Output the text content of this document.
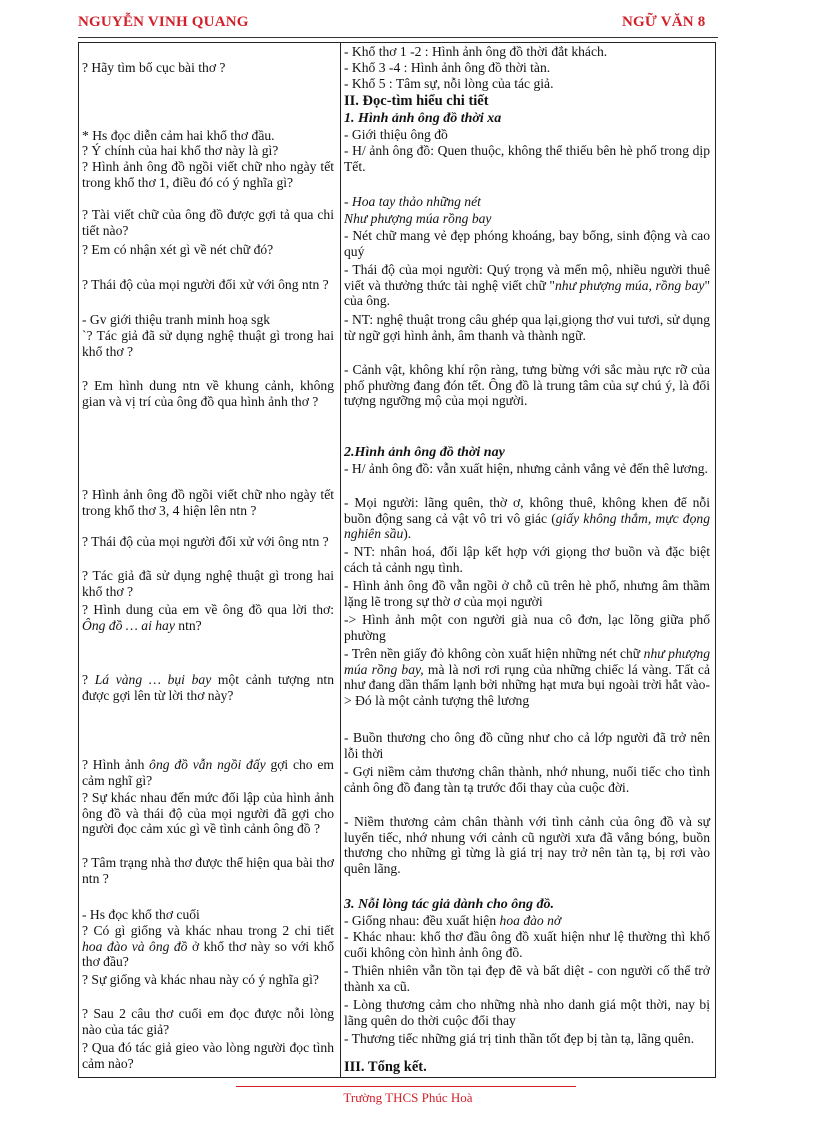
NGUYỄN VINH QUANG	NGỮ VĂN 8

? Hãy tìm bố cục bài thơ ?

* Hs đọc diễn cảm hai khổ thơ đầu.

? Ý chính của hai khổ thơ này là gì?

? Hình ảnh ông đồ ngồi viết chữ nho ngày tết trong khổ thơ 1, điều đó có ý nghĩa gì?

? Tài viết chữ của ông đồ được gợi tả qua chi tiết nào?

? Em có nhận xét gì về nét chữ đó?

? Thái độ của mọi người đối xử với ông ntn ?

- Gv giới thiệu tranh minh hoạ sgk

`? Tác giả đã sử dụng nghệ thuật gì trong hai khổ thơ ?

? Em hình dung ntn về khung cảnh, không gian và vị trí của ông đồ qua hình ảnh thơ ?

? Hình ảnh ông đồ ngồi viết chữ nho ngày tết trong khổ thơ 3, 4 hiện lên ntn ?

? Thái độ của mọi người đối xử với ông ntn ?

? Tác giả đã sử dụng nghệ thuật gì trong hai khổ thơ ?

? Hình dung của em về ông đồ qua lời thơ: Ông đồ … ai hay ntn?

? Lá vàng … bụi bay một cảnh tượng ntn được gợi lên từ lời thơ này?

? Hình ảnh ông đồ vẫn ngồi đấy gợi cho em cảm nghĩ gì?

? Sự khác nhau đến mức đối lập của hình ảnh ông đồ và thái độ của mọi người đã gợi cho người đọc cảm xúc gì về tình cảnh ông đồ ?

? Tâm trạng nhà thơ được thể hiện qua bài thơ ntn ?

- Hs đọc khổ thơ cuối

? Có gì giống và khác nhau trong 2 chi tiết hoa đào và ông đồ ở khổ thơ này so với khổ thơ đầu?

? Sự giống và khác nhau này có ý nghĩa gì?

? Sau 2 câu thơ cuối em đọc được nỗi lòng nào của tác giả?

? Qua đó tác giả gieo vào lòng người đọc tình cảm nào?

- Khổ thơ 1 -2 : Hình ảnh ông đồ thời đắt khách.

- Khổ 3 -4 : Hình ảnh ông đồ thời tàn.

- Khổ 5 : Tâm sự, nỗi lòng của tác giả.

II. Đọc-tìm hiểu chi tiết

1. Hình ảnh ông đồ thời xa

- Giới thiệu ông đồ

- H/ ảnh ông đồ: Quen thuộc, không thể thiếu bên hè phố trong dịp Tết.

- Hoa tay thảo những nét

Như phượng múa rồng bay

- Nét chữ mang vẻ đẹp phóng khoáng, bay bổng, sinh động và cao quý

- Thái độ của mọi người: Quý trọng và mến mộ, nhiều người thuê viết và thưởng thức tài nghệ viết chữ "như phượng múa, rồng bay" của ông.

- NT: nghệ thuật trong câu ghép qua lại,giọng thơ vui tươi, sử dụng từ ngữ gợi hình ảnh, âm thanh và thành ngữ.

- Cảnh vật, không khí rộn ràng, tưng bừng với sắc màu rực rỡ của phố phường đang đón tết. Ông đồ là trung tâm của sự chú ý, là đối tượng ngưỡng mộ của mọi người.

2.Hình ảnh ông đồ thời nay

- H/ ảnh ông đồ: vẫn xuất hiện, nhưng cảnh vắng vẻ đến thê lương.

- Mọi người: lãng quên, thờ ơ, không thuê, không khen để nỗi buồn động sang cả vật vô tri vô giác (giấy không thắm, mực đọng nghiên sầu).

- NT: nhân hoá, đối lập kết hợp với giọng thơ buồn và đặc biệt cách tả cảnh ngụ tình.

- Hình ảnh ông đồ vẫn ngồi ở chỗ cũ trên hè phố, nhưng âm thầm lặng lẽ trong sự thờ ơ của mọi người

-> Hình ảnh một con người già nua cô đơn, lạc lõng giữa phố phường

- Trên nền giấy đỏ không còn xuất hiện những nét chữ như phượng múa rồng bay, mà là nơi rơi rụng của những chiếc lá vàng. Tất cả như đang dần thấm lạnh bởi những hạt mưa bụi ngoài trời hắt vào-> Đó là một cảnh tượng thê lương

- Buồn thương cho ông đồ cũng như cho cả lớp người đã trở nên lỗi thời

- Gợi niềm cảm thương chân thành, nhớ nhung, nuối tiếc cho tình cảnh ông đồ đang tàn tạ trước đổi thay của cuộc đời.

- Niềm thương cảm chân thành với tình cảnh của ông đồ và sự luyến tiếc, nhớ nhung với cảnh cũ người xưa đã vắng bóng, buồn thương cho những gì từng là giá trị nay trở nên tàn tạ, bị rơi vào quên lãng.

3. Nỗi lòng tác giả dành cho ông đồ.

- Giống nhau: đều xuất hiện hoa đào nở

- Khác nhau: khổ thơ đầu ông đồ xuất hiện như lệ thường thì khổ cuối không còn hình ảnh ông đồ.

- Thiên nhiên vẫn tồn tại đẹp đẽ và bất diệt - con người cố thể trở thành xa cũ.

- Lòng thương cảm cho những nhà nho danh giá một thời, nay bị lãng quên do thời cuộc đổi thay

- Thương tiếc những giá trị tinh thần tốt đẹp bị tàn tạ, lãng quên.

III. Tổng kết.

Trường THCS Phúc Hoà
